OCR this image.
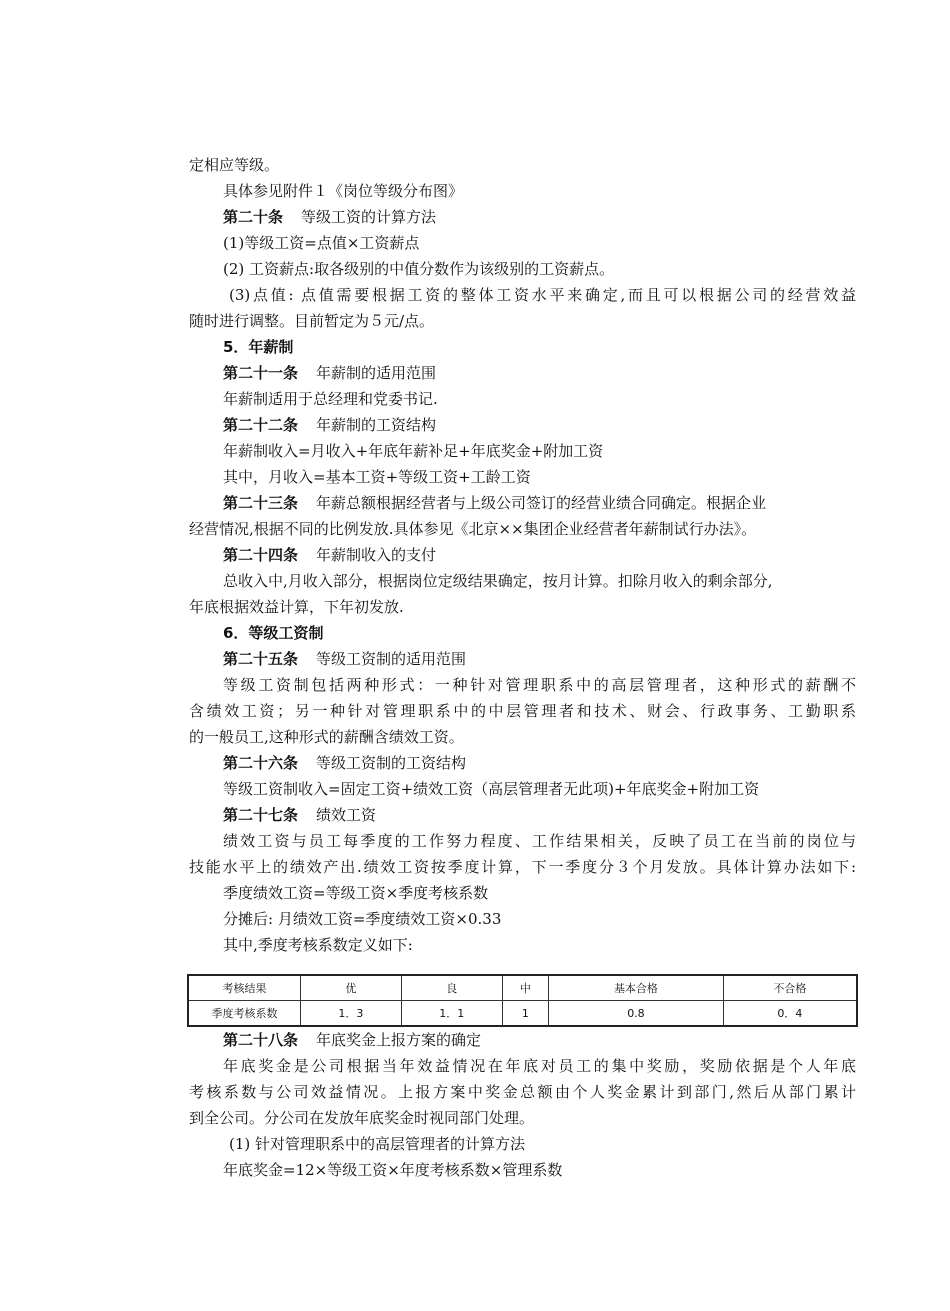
定相应等级。
具体参见附件１《岗位等级分布图》
第二十条 等级工资的计算方法
(1)等级工资=点值×工资薪点
(2) 工资薪点:取各级别的中值分数作为该级别的工资薪点。
(3)点值: 点值需要根据工资的整体工资水平来确定,而且可以根据公司的经营效益
随时进行调整。目前暂定为５元/点。
5．年薪制
第二十一条 年薪制的适用范围
年薪制适用于总经理和党委书记.
第二十二条 年薪制的工资结构
年薪制收入=月收入+年底年薪补足+年底奖金+附加工资
其中，月收入=基本工资+等级工资+工龄工资
第二十三条 年薪总额根据经营者与上级公司签订的经营业绩合同确定。根据企业
经营情况,根据不同的比例发放.具体参见《北京××集团企业经营者年薪制试行办法》。
第二十四条 年薪制收入的支付
总收入中,月收入部分，根据岗位定级结果确定，按月计算。扣除月收入的剩余部分,
年底根据效益计算，下年初发放.
6．等级工资制
第二十五条 等级工资制的适用范围
等级工资制包括两种形式：一种针对管理职系中的高层管理者，这种形式的薪酬不
含绩效工资；另一种针对管理职系中的中层管理者和技术、财会、行政事务、工勤职系
的一般员工,这种形式的薪酬含绩效工资。
第二十六条 等级工资制的工资结构
等级工资制收入=固定工资+绩效工资（高层管理者无此项)+年底奖金+附加工资
第二十七条 绩效工资
绩效工资与员工每季度的工作努力程度、工作结果相关，反映了员工在当前的岗位与
技能水平上的绩效产出.绩效工资按季度计算，下一季度分３个月发放。具体计算办法如下:
季度绩效工资=等级工资×季度考核系数
分摊后: 月绩效工资=季度绩效工资×0.33
其中,季度考核系数定义如下:
考核结果	优	良	中	基本合格	不合格
季度考核系数	1．3	1．1	1	0.8	0．4
第二十八条 年底奖金上报方案的确定
年底奖金是公司根据当年效益情况在年底对员工的集中奖励，奖励依据是个人年底
考核系数与公司效益情况。上报方案中奖金总额由个人奖金累计到部门,然后从部门累计
到全公司。分公司在发放年底奖金时视同部门处理。
(1) 针对管理职系中的高层管理者的计算方法
年底奖金=12×等级工资×年度考核系数×管理系数
